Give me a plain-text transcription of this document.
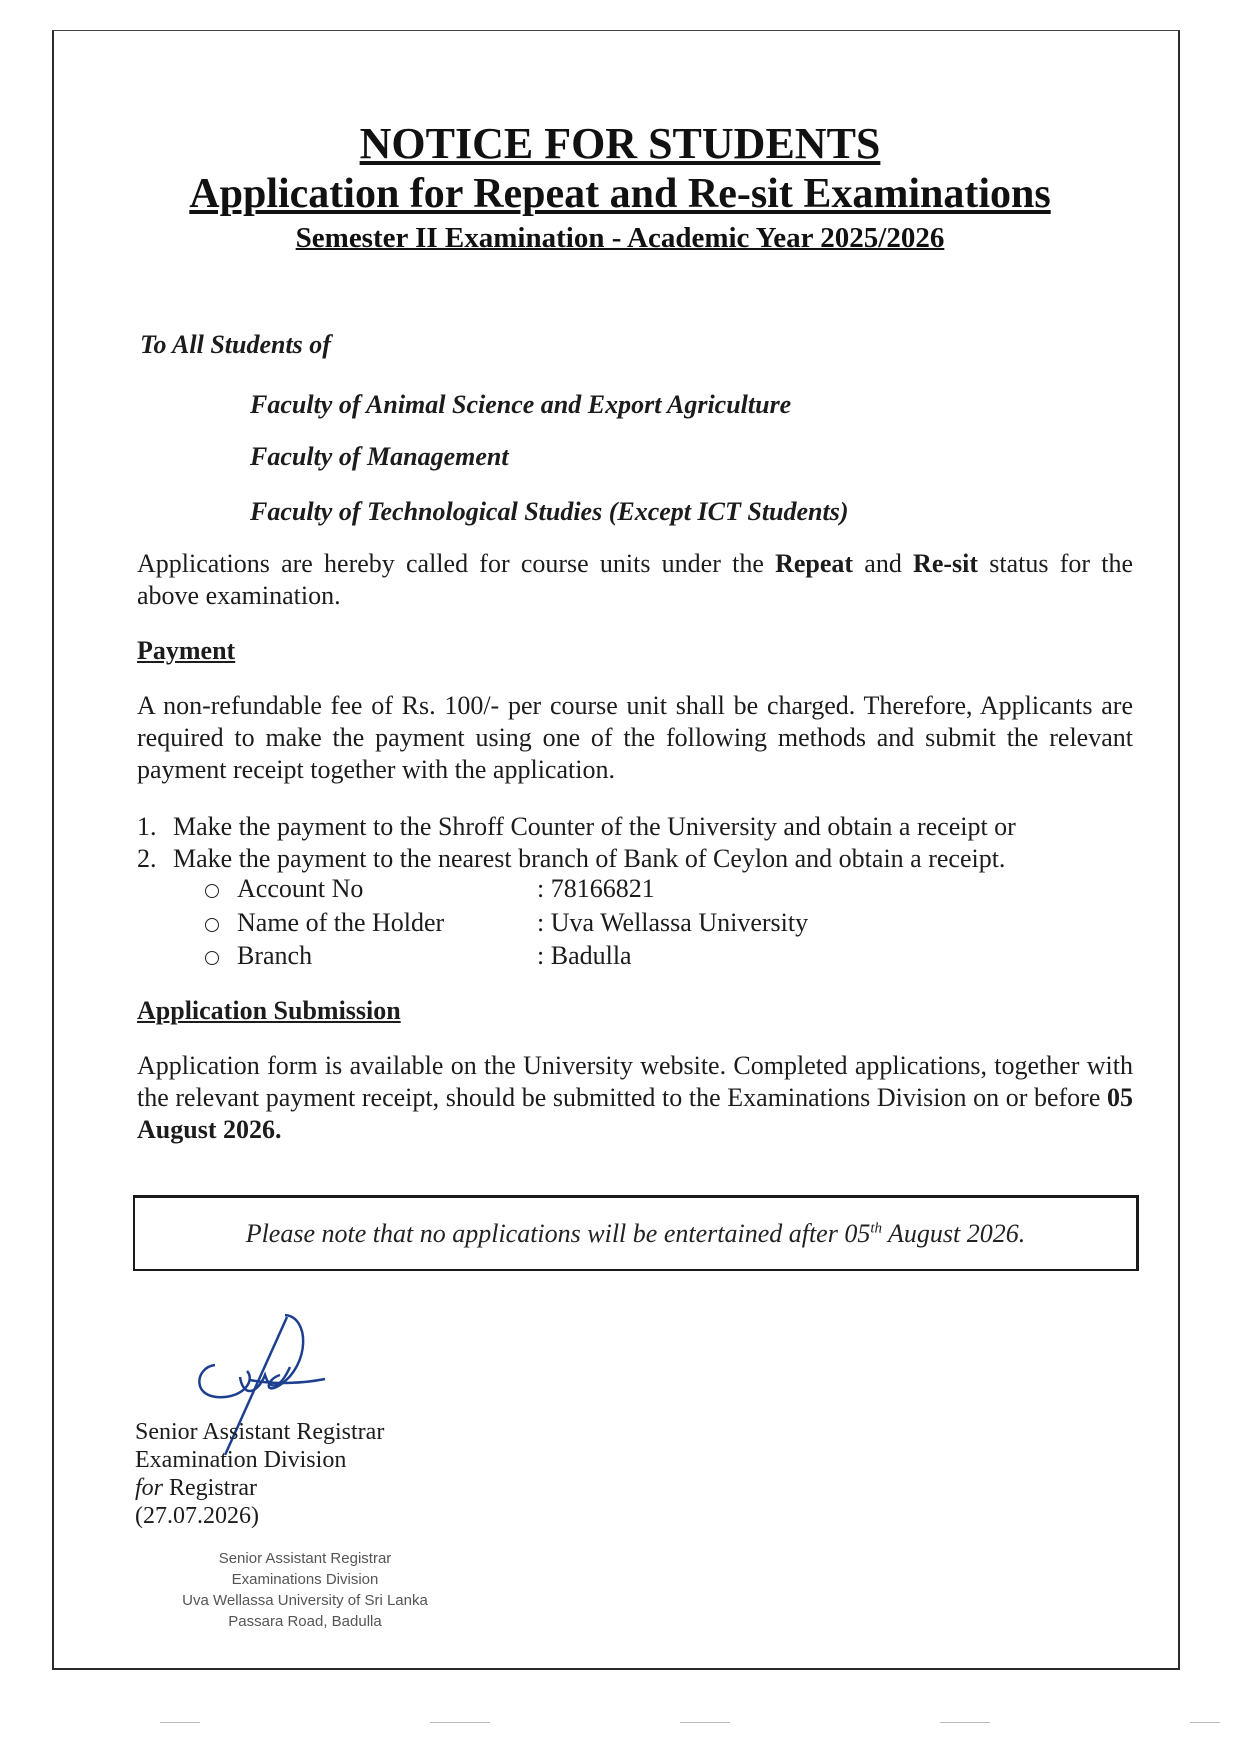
NOTICE FOR STUDENTS
Application for Repeat and Re-sit Examinations
Semester II Examination - Academic Year 2025/2026
To All Students of
Faculty of Animal Science and Export Agriculture
Faculty of Management
Faculty of Technological Studies (Except ICT Students)
Applications are hereby called for course units under the Repeat and Re-sit status for the above examination.
Payment
A non-refundable fee of Rs. 100/- per course unit shall be charged. Therefore, Applicants are required to make the payment using one of the following methods and submit the relevant payment receipt together with the application.
1. Make the payment to the Shroff Counter of the University and obtain a receipt or
2. Make the payment to the nearest branch of Bank of Ceylon and obtain a receipt.
Account No	: 78166821
Name of the Holder	: Uva Wellassa University
Branch	: Badulla
Application Submission
Application form is available on the University website. Completed applications, together with the relevant payment receipt, should be submitted to the Examinations Division on or before 05 August 2026.
Please note that no applications will be entertained after 05th August 2026.
Senior Assistant Registrar
Examination Division
for Registrar
(27.07.2026)
Senior Assistant Registrar
Examinations Division
Uva Wellassa University of Sri Lanka
Passara Road, Badulla
